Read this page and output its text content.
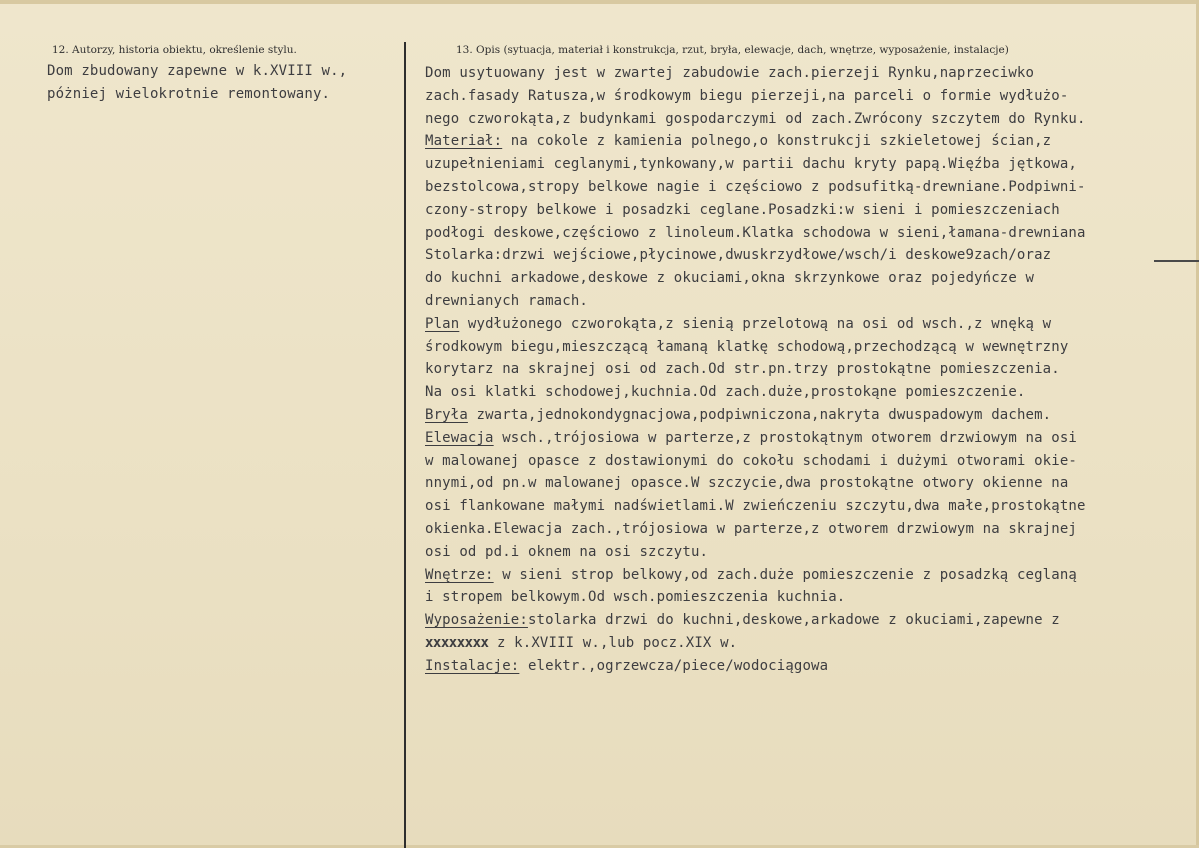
12. Autorzy, historia obiektu, określenie stylu.	13. Opis (sytuacja, materiał i konstrukcja, rzut, bryła, elewacje, dach, wnętrze, wyposażenie, instalacje)
Dom zbudowany zapewne w k.XVIII w.,
póżniej wielokrotnie remontowany.
Dom usytuowany jest w zwartej zabudowie zach.pierzeji Rynku,naprzeciwko
zach.fasady Ratusza,w środkowym biegu pierzeji,na parceli o formie wydłużo-
nego czworokąta,z budynkami gospodarczymi od zach.Zwrócony szczytem do Rynku.
Materiał: na cokole z kamienia polnego,o konstrukcji szkieletowej ścian,z
uzupełnieniami ceglanymi,tynkowany,w partii dachu kryty papą.Więźba jętkowa,
bezstolcowa,stropy belkowe nagie i częściowo z podsufitką-drewniane.Podpiwni-
czony-stropy belkowe i posadzki ceglane.Posadzki:w sieni i pomieszczeniach
podłogi deskowe,częściowo z linoleum.Klatka schodowa w sieni,łamana-drewniana
Stolarka:drzwi wejściowe,płycinowe,dwuskrzydłowe/wsch/i deskowe9zach/oraz
do kuchni arkadowe,deskowe z okuciami,okna skrzynkowe oraz pojedyńcze w
drewnianych ramach.
Plan wydłużonego czworokąta,z sienią przelotową na osi od wsch.,z wnęką w
środkowym biegu,mieszczącą łamaną klatkę schodową,przechodzącą w wewnętrzny
korytarz na skrajnej osi od zach.Od str.pn.trzy prostokątne pomieszczenia.
Na osi klatki schodowej,kuchnia.Od zach.duże,prostokąne pomieszczenie.
Bryła zwarta,jednokondygnacjowa,podpiwniczona,nakryta dwuspadowym dachem.
Elewacja wsch.,trójosiowa w parterze,z prostokątnym otworem drzwiowym na osi
w malowanej opasce z dostawionymi do cokołu schodami i dużymi otworami okie-
nnymi,od pn.w malowanej opasce.W szczycie,dwa prostokątne otwory okienne na
osi flankowane małymi nadświetlami.W zwieńczeniu szczytu,dwa małe,prostokątne
okienka.Elewacja zach.,trójosiowa w parterze,z otworem drzwiowym na skrajnej
osi od pd.i oknem na osi szczytu.
Wnętrze: w sieni strop belkowy,od zach.duże pomieszczenie z posadzką ceglaną
i stropem belkowym.Od wsch.pomieszczenia kuchnia.
Wyposażenie:stolarka drzwi do kuchni,deskowe,arkadowe z okuciami,zapewne z
xxxxxxxx z k.XVIII w.,lub pocz.XIX w.
Instalacje: elektr.,ogrzewcza/piece/wodociągowa
